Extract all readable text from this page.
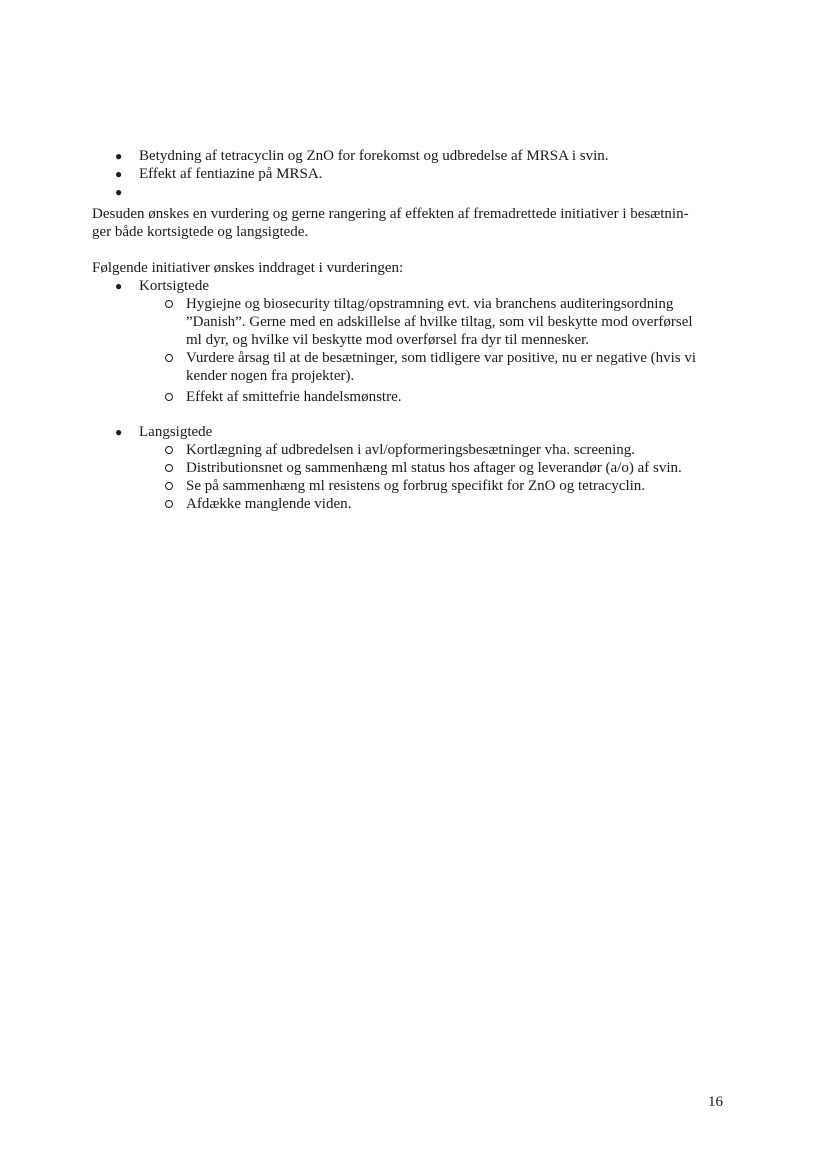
● Betydning af tetracyclin og ZnO for forekomst og udbredelse af MRSA i svin.
● Effekt af fentiazine på MRSA.
●
Desuden ønskes en vurdering og gerne rangering af effekten af fremadrettede initiativer i besætnin-
ger både kortsigtede og langsigtede.
Følgende initiativer ønskes inddraget i vurderingen:
● Kortsigtede
Hygiejne og biosecurity tiltag/opstramning evt. via branchens auditeringsordning
”Danish”. Gerne med en adskillelse af hvilke tiltag, som vil beskytte mod overførsel
ml dyr, og hvilke vil beskytte mod overførsel fra dyr til mennesker.
Vurdere årsag til at de besætninger, som tidligere var positive, nu er negative (hvis vi
kender nogen fra projekter).
Effekt af smittefrie handelsmønstre.
● Langsigtede
Kortlægning af udbredelsen i avl/opformeringsbesætninger vha. screening.
Distributionsnet og sammenhæng ml status hos aftager og leverandør (a/o) af svin.
Se på sammenhæng ml resistens og forbrug specifikt for ZnO og tetracyclin.
Afdække manglende viden.
16
